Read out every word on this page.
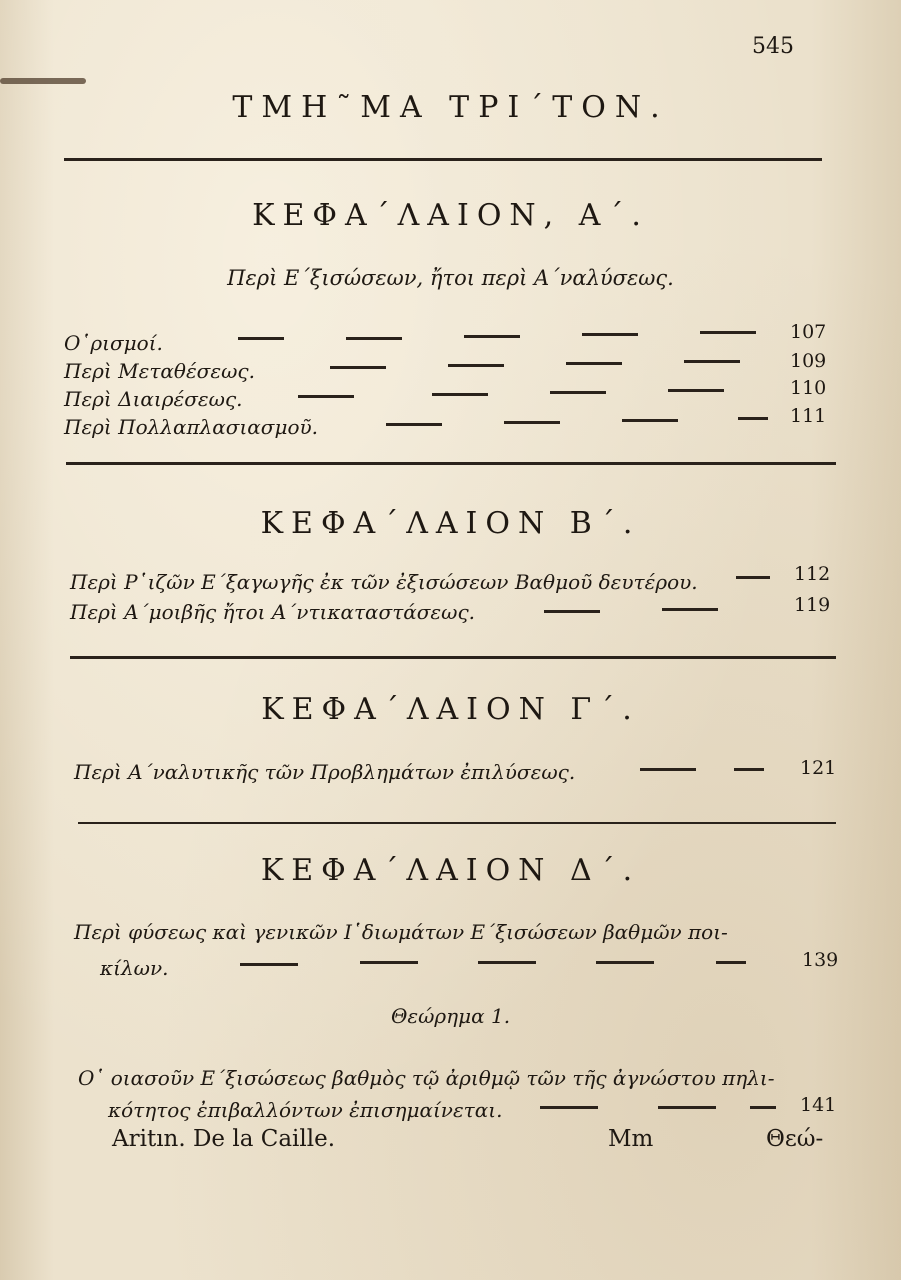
545
ΤΜΗ῀ΜΑ ΤΡΙ΄ΤΟΝ.
ΚΕΦΑ΄ΛΑΙΟΝ, Α΄.
Περὶ Ε΄ξισώσεων, ἤτοι περὶ Α΄ναλύσεως.
Ο῾ρισμοί.	107
Περὶ Μεταθέσεως.	109
Περὶ Διαιρέσεως.	110
Περὶ Πολλαπλασιασμοῦ.	111
ΚΕΦΑ΄ΛΑΙΟΝ Β΄.
Περὶ Ρ῾ιζῶν Ε΄ξαγωγῆς ἐκ τῶν ἐξισώσεων Βαθμοῦ δευτέρου.	112
Περὶ Α΄μοιβῆς ἤτοι Α΄ντικαταστάσεως.	119
ΚΕΦΑ΄ΛΑΙΟΝ Γ΄.
Περὶ Α΄ναλυτικῆς τῶν Προβλημάτων ἐπιλύσεως.	121
ΚΕΦΑ΄ΛΑΙΟΝ Δ΄.
Περὶ φύσεως καὶ γενικῶν Ι῾διωμάτων Ε΄ξισώσεων βαθμῶν ποι-
κίλων.	139
Θεώρημα 1.
Ο῾ οιασοῦν Ε΄ξισώσεως βαθμὸς τῷ ἀριθμῷ τῶν τῆς ἀγνώστου πηλι-
κότητος ἐπιβαλλόντων ἐπισημαίνεται.	141
Aritın. De la Caille.	Mm	Θεώ-
